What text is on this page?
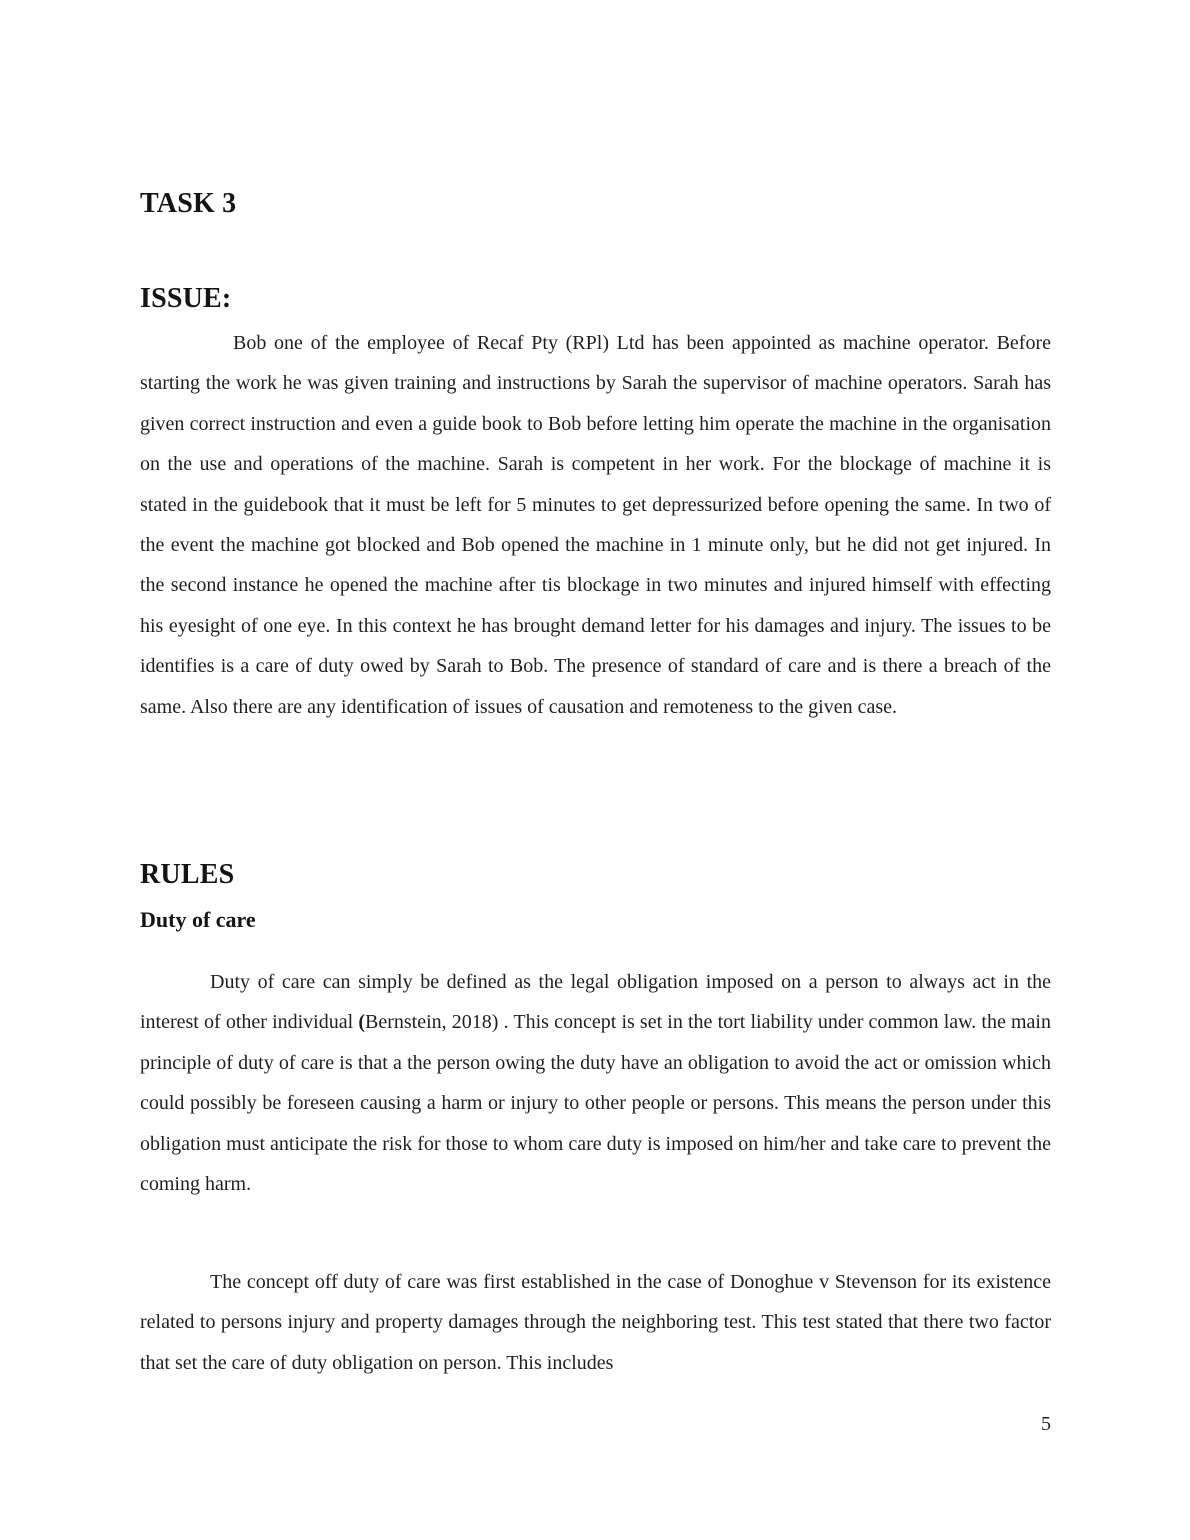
TASK 3
ISSUE:
Bob one of the employee of Recaf Pty (RPl) Ltd has been appointed as machine operator. Before starting the work he was given training and instructions by Sarah the supervisor of machine operators. Sarah has given correct instruction and even a guide book to Bob before letting him operate the machine in the organisation on the use and operations of the machine. Sarah is competent in her work. For the blockage of machine it is stated in the guidebook that it must be left for 5 minutes to get depressurized before opening the same. In two of the event the machine got blocked and Bob opened the machine in 1 minute only, but he did not get injured. In the second instance he opened the machine after tis blockage in two minutes and injured himself with effecting his eyesight of one eye. In this context he has brought demand letter for his damages and injury. The issues to be identifies is a care of duty owed by Sarah to Bob. The presence of standard of care and is there a breach of the same. Also there are any identification of issues of causation and remoteness to the given case.
RULES
Duty of care
Duty of care can simply be defined as the legal obligation imposed on a person to always act in the interest of other individual (Bernstein, 2018) . This concept is set in the tort liability under common law. the main principle of duty of care is that a the person owing the duty have an obligation to avoid the act or omission which could possibly be foreseen causing a harm or injury to other people or persons. This means the person under this obligation must anticipate the risk for those to whom care duty is imposed on him/her and take care to prevent the coming harm.
The concept off duty of care was first established in the case of Donoghue v Stevenson for its existence related to persons injury and property damages through the neighboring test. This test stated that there two factor that set the care of duty obligation on person. This includes
5
